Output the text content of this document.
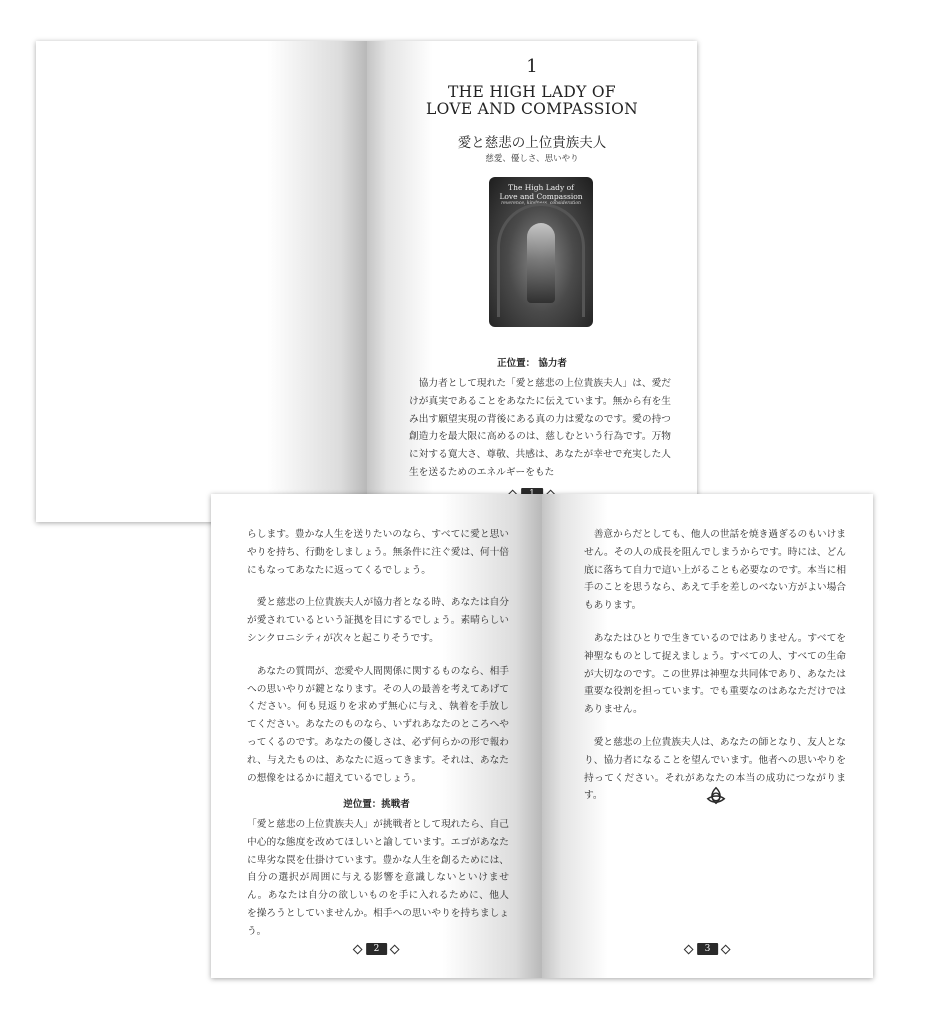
1
THE HIGH LADY OF
LOVE AND COMPASSION
愛と慈悲の上位貴族夫人
慈愛、優しさ、思いやり
The High Lady of
Love and Compassion
reverence, kindness, consideration
正位置： 協力者
協力者として現れた「愛と慈悲の上位貴族夫人」は、愛だけが真実であることをあなたに伝えています。無から有を生み出す願望実現の背後にある真の力は愛なのです。愛の持つ創造力を最大限に高めるのは、慈しむという行為です。万物に対する寛大さ、尊敬、共感は、あなたが幸せで充実した人生を送るためのエネルギーをもた

らします。豊かな人生を送りたいのなら、すべてに愛と思いやりを持ち、行動をしましょう。無条件に注ぐ愛は、何十倍にもなってあなたに返ってくるでしょう。

愛と慈悲の上位貴族夫人が協力者となる時、あなたは自分が愛されているという証拠を目にするでしょう。素晴らしいシンクロニシティが次々と起こりそうです。

あなたの質問が、恋愛や人間関係に関するものなら、相手への思いやりが鍵となります。その人の最善を考えてあげてください。何も見返りを求めず無心に与え、執着を手放してください。あなたのものなら、いずれあなたのところへやってくるのです。あなたの優しさは、必ず何らかの形で報われ、与えたものは、あなたに返ってきます。それは、あなたの想像をはるかに超えているでしょう。

逆位置：挑戦者

「愛と慈悲の上位貴族夫人」が挑戦者として現れたら、自己中心的な態度を改めてほしいと諭しています。エゴがあなたに卑劣な罠を仕掛けています。豊かな人生を創るためには、自分の選択が周囲に与える影響を意識しないといけません。あなたは自分の欲しいものを手に入れるために、他人を操ろうとしていませんか。相手への思いやりを持ちましょう。

2

善意からだとしても、他人の世話を焼き過ぎるのもいけません。その人の成長を阻んでしまうからです。時には、どん底に落ちて自力で這い上がることも必要なのです。本当に相手のことを思うなら、あえて手を差しのべない方がよい場合もあります。

あなたはひとりで生きているのではありません。すべてを神聖なものとして捉えましょう。すべての人、すべての生命が大切なのです。この世界は神聖な共同体であり、あなたは重要な役割を担っています。でも重要なのはあなただけではありません。

愛と慈悲の上位貴族夫人は、あなたの師となり、友人となり、協力者になることを望んでいます。他者への思いやりを持ってください。それがあなたの本当の成功につながります。

3
